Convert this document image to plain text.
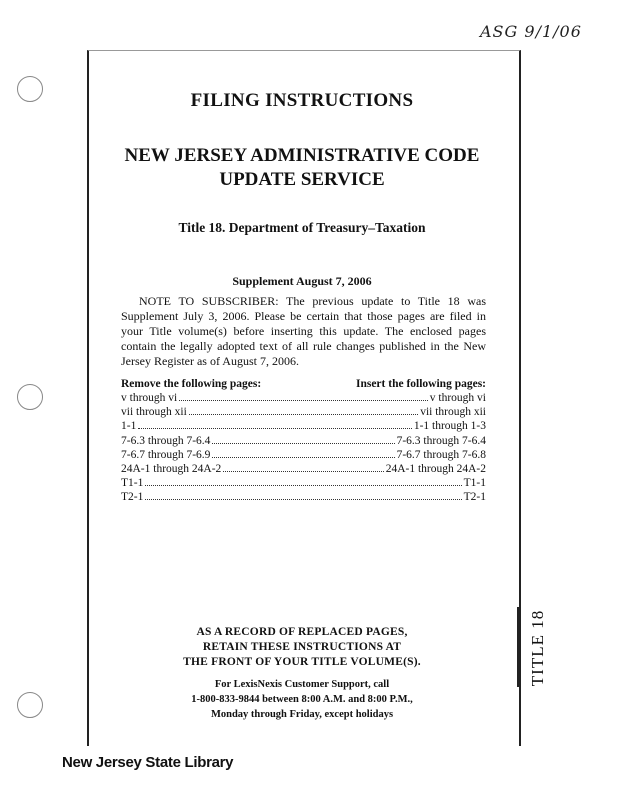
ASG 9/1/06
TITLE 18
FILING INSTRUCTIONS
NEW JERSEY ADMINISTRATIVE CODE
UPDATE SERVICE
Title 18. Department of Treasury–Taxation
Supplement August 7, 2006
NOTE TO SUBSCRIBER: The previous update to Title 18 was Supplement July 3, 2006. Please be certain that those pages are filed in your Title volume(s) before inserting this update. The enclosed pages contain the legally adopted text of all rule changes published in the New Jersey Register as of August 7, 2006.
Remove the following pages:	Insert the following pages:
v through vi	v through vi
vii through xii	vii through xii
1-1	1-1 through 1-3
7-6.3 through 7-6.4	7-6.3 through 7-6.4
7-6.7 through 7-6.9	7-6.7 through 7-6.8
24A-1 through 24A-2	24A-1 through 24A-2
T1-1	T1-1
T2-1	T2-1
AS A RECORD OF REPLACED PAGES,
RETAIN THESE INSTRUCTIONS AT
THE FRONT OF YOUR TITLE VOLUME(S).
For LexisNexis Customer Support, call
1-800-833-9844 between 8:00 A.M. and 8:00 P.M.,
Monday through Friday, except holidays
New Jersey State Library
